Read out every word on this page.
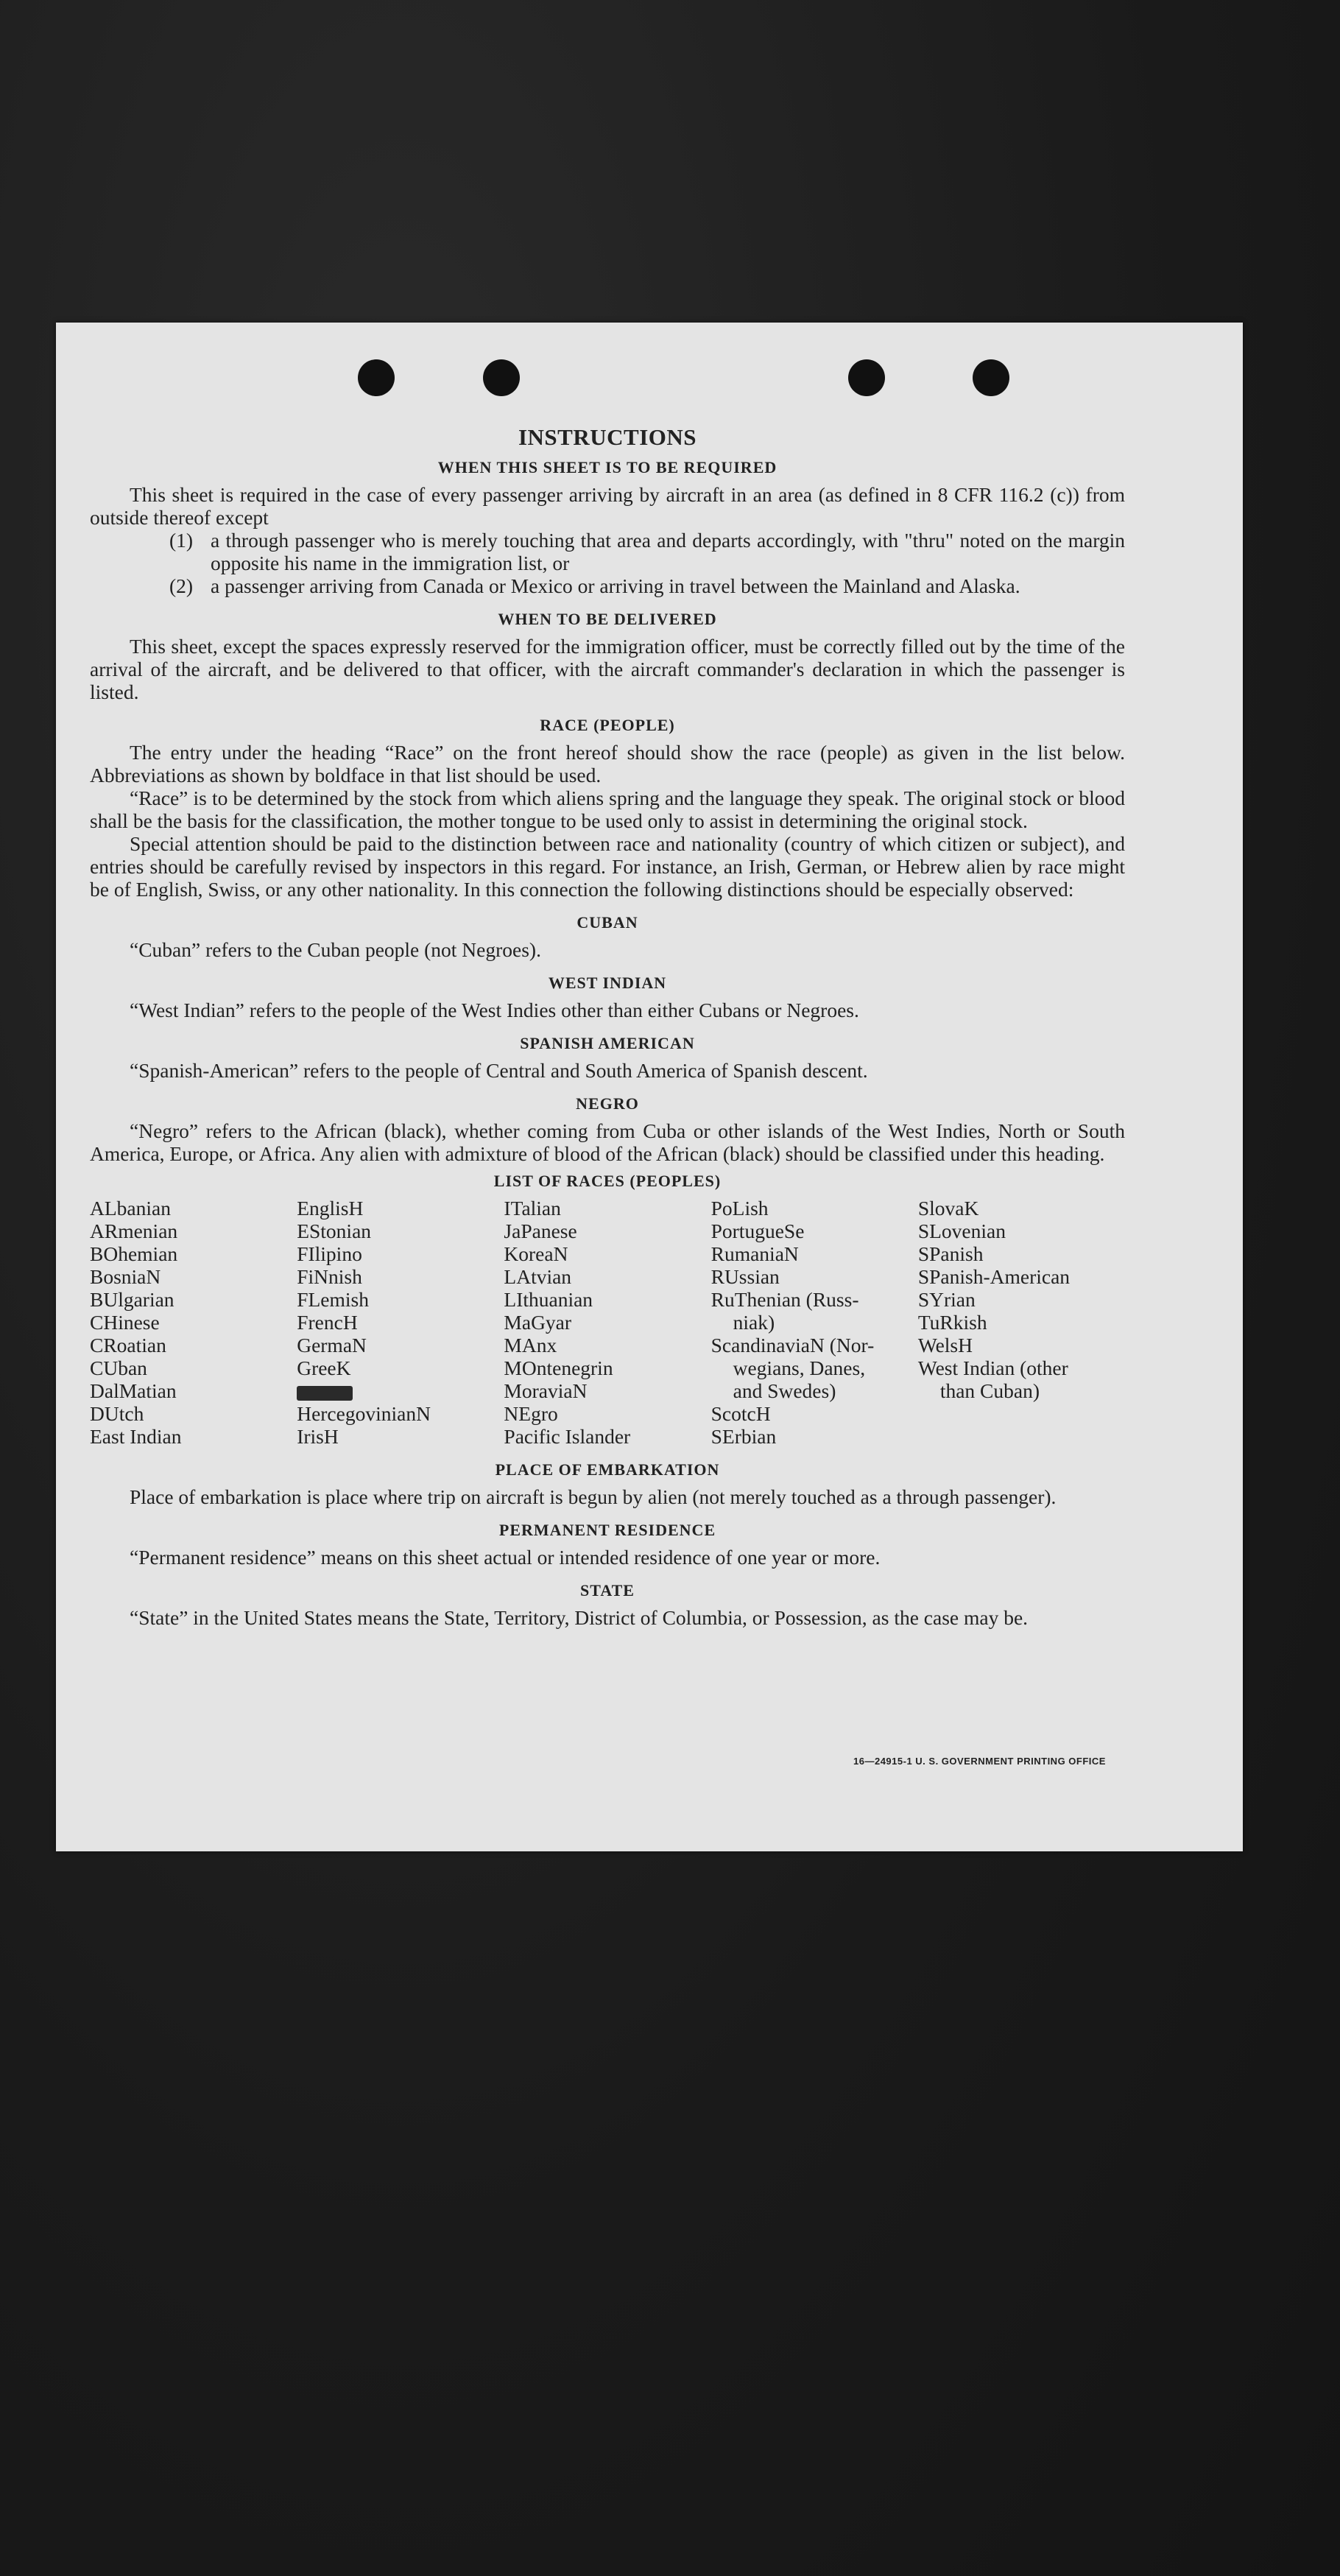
INSTRUCTIONS
WHEN THIS SHEET IS TO BE REQUIRED

This sheet is required in the case of every passenger arriving by aircraft in an area (as defined in 8 CFR 116.2 (c)) from outside thereof except

(1) a through passenger who is merely touching that area and departs accordingly, with "thru" noted on the margin opposite his name in the immigration list, or
(2) a passenger arriving from Canada or Mexico or arriving in travel between the Mainland and Alaska.
WHEN TO BE DELIVERED

This sheet, except the spaces expressly reserved for the immigration officer, must be correctly filled out by the time of the arrival of the aircraft, and be delivered to that officer, with the aircraft commander's declaration in which the passenger is listed.

RACE (PEOPLE)

The entry under the heading “Race” on the front hereof should show the race (people) as given in the list below. Abbreviations as shown by boldface in that list should be used.

“Race” is to be determined by the stock from which aliens spring and the language they speak. The original stock or blood shall be the basis for the classification, the mother tongue to be used only to assist in determining the original stock.

Special attention should be paid to the distinction between race and nationality (country of which citizen or subject), and entries should be carefully revised by inspectors in this regard. For instance, an Irish, German, or Hebrew alien by race might be of English, Swiss, or any other nationality. In this connection the following distinctions should be especially observed:

CUBAN

“Cuban” refers to the Cuban people (not Negroes).

WEST INDIAN

“West Indian” refers to the people of the West Indies other than either Cubans or Negroes.

SPANISH AMERICAN

“Spanish-American” refers to the people of Central and South America of Spanish descent.

NEGRO

“Negro” refers to the African (black), whether coming from Cuba or other islands of the West Indies, North or South America, Europe, or Africa. Any alien with admixture of blood of the African (black) should be classified under this heading.

LIST OF RACES (PEOPLES)
ALbanian
ARmenian
BOhemian
BosniaN
BUlgarian
CHinese
CRoatian
CUban
DalMatian
DUtch
East Indian
EnglisH
EStonian
FIlipino
FiNnish
FLemish
FrencH
GermaN
GreeK
HercegovinianN
IrisH
ITalian
JaPanese
KoreaN
LAtvian
LIthuanian
MaGyar
MAnx
MOntenegrin
MoraviaN
NEgro
Pacific Islander
PoLish
PortugueSe
RumaniaN
RUssian
RuThenian (Russ-
niak)
ScandinaviaN (Nor-
wegians, Danes,
and Swedes)
ScotcH
SErbian
SlovaK
SLovenian
SPanish
SPanish-American
SYrian
TuRkish
WelsH
West Indian (other
than Cuban)
PLACE OF EMBARKATION

Place of embarkation is place where trip on aircraft is begun by alien (not merely touched as a through passenger).

PERMANENT RESIDENCE

“Permanent residence” means on this sheet actual or intended residence of one year or more.

STATE

“State” in the United States means the State, Territory, District of Columbia, or Possession, as the case may be.

16—24915-1 U. S. GOVERNMENT PRINTING OFFICE
